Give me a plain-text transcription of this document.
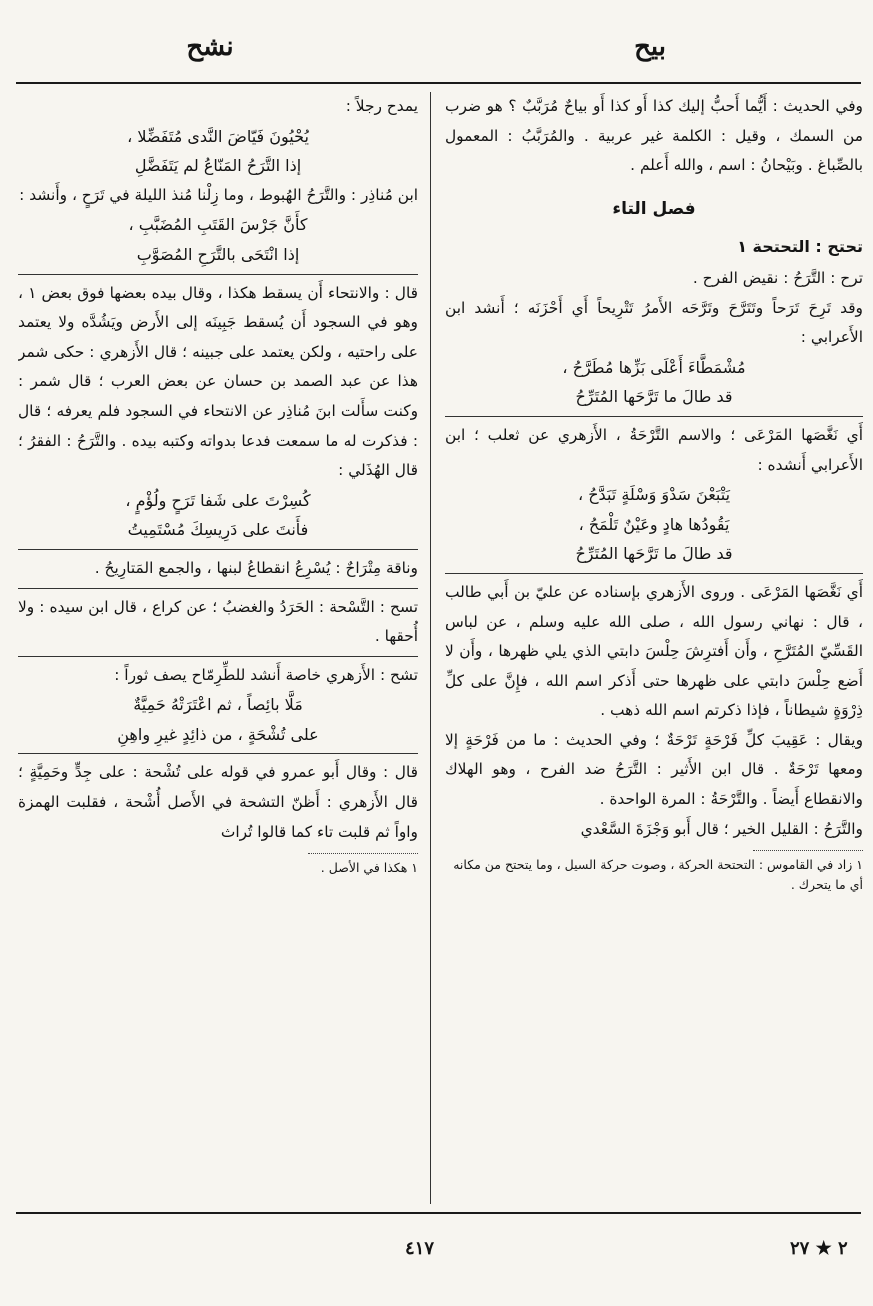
بيح
نشح

وفي الحديث : أَيُّما أَحبُّ إليك كذا أَو كذا أَو بياحٌ مُرَبَّبٌ ؟ هو ضرب من السمك ، وقيل : الكلمة غير عربية . والمُرَبَّبُ : المعمول بالصِّباغ . وبَيْحانُ : اسم ، والله أَعلم .

فصل التاء

تحتح : التحتحة ١

ترح : التَّرَحُ : نقيض الفرح .

وقد تَرِحَ تَرَحاً وتَتَرَّحَ وتَرَّحَه الأَمرُ تَتْرِيحاً أَي أَحْزَنَه ؛ أَنشد ابن الأَعرابي :

مُشْمَطَّاءَ أَعْلَى بَزِّها مُطَرَّحُ ،

قد طالَ ما تَرَّحَها المُتَرِّحُ

أَي نَغَّصَها المَرْعَى ؛ والاسم التَّرْحَةُ ، الأَزهري عن ثعلب ؛ ابن الأَعرابي أَنشده :

يَتْبَعْنَ سَدْوَ وَسْلَةٍ تَبَدَّحُ ،

يَقُودُها هادٍ وعَيْنٌ تَلْمَحُ ،

قد طالَ ما تَرَّحَها المُتَرِّحُ

أَي نَغَّصَها المَرْعَى . وروى الأَزهري بإسناده عن عليّ بن أَبي طالب ، قال : نهاني رسول الله ، صلى الله عليه وسلم ، عن لباس القَسِّيّ المُتَرَّحِ ، وأَن أَفترِشَ حِلْسَ دابتي الذي يلي ظهرها ، وأَن لا أَضع حِلْسَ دابتي على ظهرها حتى أَذكر اسم الله ، فإِنَّ على كلِّ ذِرْوَةٍ شيطاناً ، فإذا ذكرتم اسم الله ذهب .

ويقال : عَقِيبَ كلِّ فَرْحَةٍ تَرْحَةٌ ؛ وفي الحديث : ما من فَرْحَةٍ إلا ومعها تَرْحَةٌ . قال ابن الأَثير : التَّرَحُ ضد الفرح ، وهو الهلاك والانقطاع أَيضاً . والتَّرْحَةُ : المرة الواحدة .

والتَّرَحُ : القليل الخير ؛ قال أَبو وَجْزَةَ السَّعْدي

١ زاد في القاموس : التحتحة الحركة ، وصوت حركة السيل ، وما يتحتح من مكانه أي ما يتحرك .

يمدح رجلاً :

يُحْيُونَ فَيّاضَ النَّدى مُتَفَضِّلا ،

إذا التَّرَحُ المَنّاعُ لم يَتَفَضَّلِ

ابن مُناذِر : والتَّرَحُ الهُبوط ، وما زِلْنا مُنذ الليلة في تَرَحٍ ، وأَنشد :

كأَنَّ جَرْسَ القَتَبِ المُضَبَّبِ ،

إذا انْتَحَى بالتَّرَحِ المُصَوَّبِ

قال : والانتحاء أَن يسقط هكذا ، وقال بيده بعضها فوق بعض ١ ، وهو في السجود أَن يُسقط جَبِينَه إلى الأَرض ويَشُدَّه ولا يعتمد على راحتيه ، ولكن يعتمد على جبينه ؛ قال الأَزهري : حكى شمر هذا عن عبد الصمد بن حسان عن بعض العرب ؛ قال شمر : وكنت سأَلت ابنَ مُناذِر عن الانتحاء في السجود فلم يعرفه ؛ قال : فذكرت له ما سمعت فدعا بدواته وكتبه بيده . والتَّرَحُ : الفقرُ ؛ قال الهُذَلي :

كُسِرْتَ على شَفا تَرَحٍ ولُؤْمٍ ،

فأَنتَ على دَرِيسِكَ مُسْتَمِيتُ

وناقة مِتْرَاحٌ : يُسْرِعُ انقطاعُ لبنها ، والجمع المَتارِيحُ .

تسح : التَّسْحة : الحَرَدُ والغضبُ ؛ عن كراع ، قال ابن سيده : ولا أُحقها .

تشح : الأَزهري خاصة أَنشد للطِّرِمّاح يصف ثوراً :

مَلَّا بائِصاً ، ثم اعْتَرَتْهُ حَمِيَّةٌ

على تُشْحَةٍ ، من ذائِدٍ غيرِ واهِنِ

قال : وقال أَبو عمرو في قوله على تُشْحة : على جِدٍّ وحَمِيَّةٍ ؛ قال الأَزهري : أَظنّ التشحة في الأَصل أُشْحة ، فقلبت الهمزة واواً ثم قلبت تاء كما قالوا تُراث

١ هكذا في الأصل .

٤١٧	٢ ★ ٢٧
